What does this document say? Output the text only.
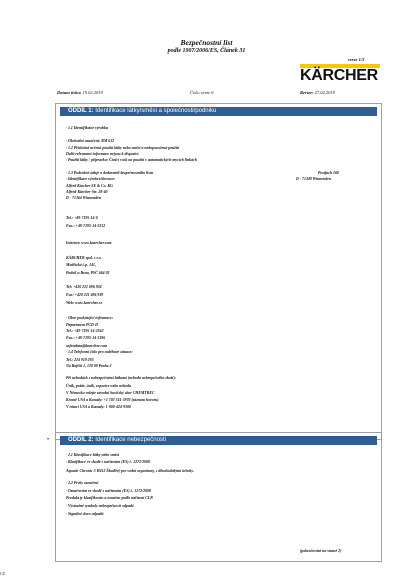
Bezpečnostní list
podle 1907/2006/ES, Článek 31
verze 1/3
KÄRCHER
Datum tisku: 19.02.2019	Číslo verze 6	Revize: 27.02.2019
ODDÍL 1: Identifikace látky/směsi a společnosti/podniku
· 1.1 Identifikátor výrobku
· Obchodní označení: RM 612
· 1.2 Příslušná určená použití látky nebo směsi a nedoporučená použití
Další relevantní informace nejsou k dispozici.
· Použití látky / přípravku: Čisticí vosk na použití v automatických mycích linkách
· 1.3 Podrobné údaje o dodavateli bezpečnostního listu
· Identifikace výrobce/dovozce:
Alfred Kärcher SE & Co. KG
Alfred-Kärcher-Str. 28-40
D - 71364 Winnenden
Tel.: +49-7195-14-0
Fax.: +49-7195-14-2212
Internet: www.kaercher.com
KÄRCHER spol. s r.o.
Modřická č.p. 141,
Podolí u Brna, PSČ 664 03
Tel: +420 221 696 934
Fax: +420 221 696 939
Web: www.kaercher.cz
· Obor poskytující informace:
Department PCD-D
Tel.: +49-7195-14-2562
Fax.: +49-7195-14-3196
safetydata@kaercher.com
· 1.4 Telefonní číslo pro naléhavé situace:
Tel.: 224 919 293
Na Bojišti 1, 128 08 Praha 2
Při nehodách s nebezpečnými látkami (nehoda nebezpečného zboží):
Únik, požár, únik, expozice nebo nehoda
V Německu volejte závodní hasičský sbor CHEMTREC
Kromě USA a Kanady: +1 703 741-5970 (záznam hovoru)
V rámci USA a Kanady: 1-800-424-9300
Postfach 160
D - 71349 Winnenden
•	ODDÍL 2: Identifikace nebezpečnosti
· 2.1 Klasifikace látky nebo směsi
· Klasifikace ve shodě s nařízením (ES) č. 1272/2008
Aquatic Chronic 3 H412 Škodlivý pro vodní organismy, s dlouhodobými účinky.
· 2.2 Prvky označení
· Označování ve shodě s nařízením (ES) č. 1272/2008
Produkt je klasifikován a označen podle nařízení CLP.
· Výstražné symboly nebezpečnosti odpadá
· Signální slovo odpadá
(pokračování na straně 2)
CZ
